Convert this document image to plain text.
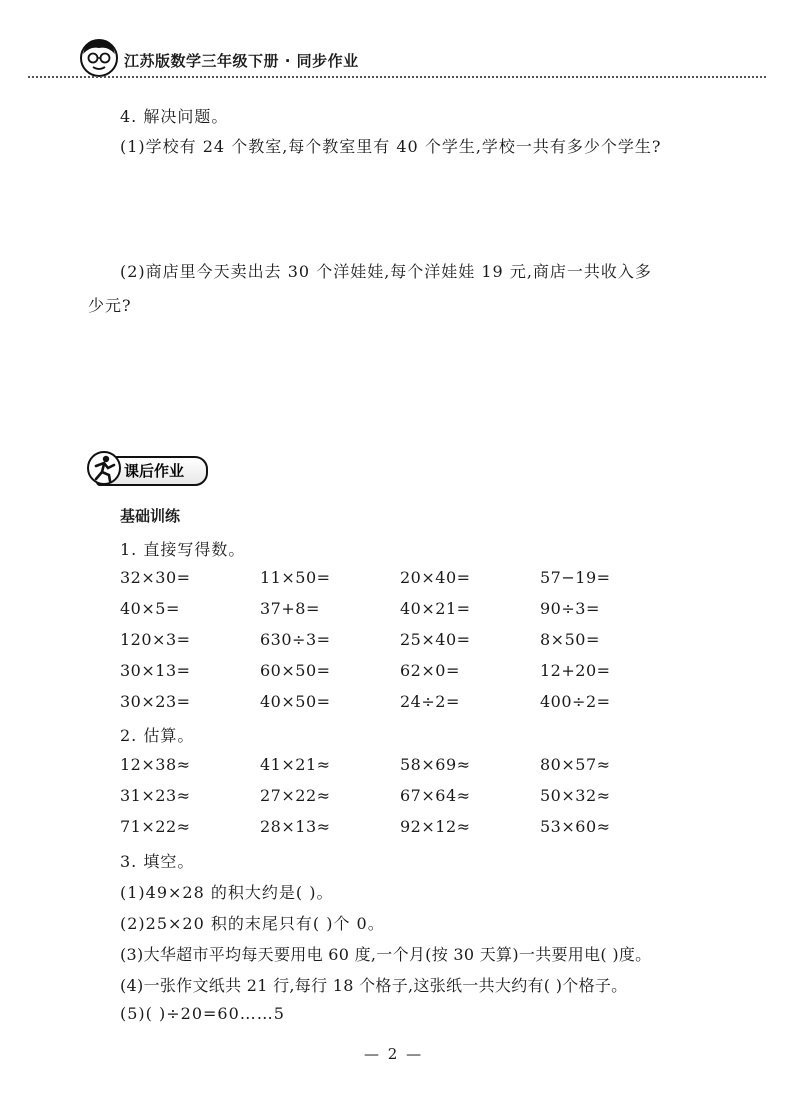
江苏版数学三年级下册 · 同步作业
4. 解决问题。
(1)学校有 24 个教室,每个教室里有 40 个学生,学校一共有多少个学生?
(2)商店里今天卖出去 30 个洋娃娃,每个洋娃娃 19 元,商店一共收入多
少元?
课后作业
基础训练
1. 直接写得数。
32×30=	11×50=	20×40=	57−19=
40×5=	37+8=	40×21=	90÷3=
120×3=	630÷3=	25×40=	8×50=
30×13=	60×50=	62×0=	12+20=
30×23=	40×50=	24÷2=	400÷2=
2. 估算。
12×38≈	41×21≈	58×69≈	80×57≈
31×23≈	27×22≈	67×64≈	50×32≈
71×22≈	28×13≈	92×12≈	53×60≈
3. 填空。
(1)49×28 的积大约是( )。
(2)25×20 积的末尾只有( )个 0。
(3)大华超市平均每天要用电 60 度,一个月(按 30 天算)一共要用电( )度。
(4)一张作文纸共 21 行,每行 18 个格子,这张纸一共大约有( )个格子。
(5)( )÷20=60……5
— 2 —
